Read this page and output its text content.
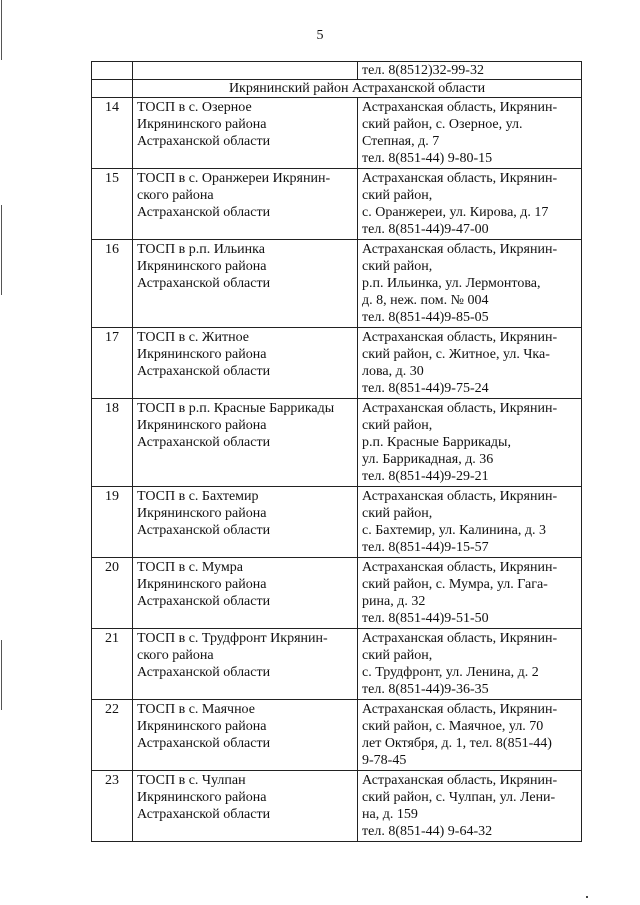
5
		тел. 8(8512)32-99-32
	Икрянинский район Астраханской области	
14	ТОСП в с. Озерное
Икрянинского района
Астраханской области	Астраханская область, Икрянин-
ский район, с. Озерное, ул.
Степная, д. 7
тел. 8(851-44) 9-80-15
15	ТОСП в с. Оранжереи Икрянин-
ского района
Астраханской области	Астраханская область, Икрянин-
ский район,
с. Оранжереи, ул. Кирова, д. 17
тел. 8(851-44)9-47-00
16	ТОСП в р.п. Ильинка
Икрянинского района
Астраханской области	Астраханская область, Икрянин-
ский район,
р.п. Ильинка, ул. Лермонтова,
д. 8, неж. пом. № 004
тел. 8(851-44)9-85-05
17	ТОСП в с. Житное
Икрянинского района
Астраханской области	Астраханская область, Икрянин-
ский район, с. Житное, ул. Чка-
лова, д. 30
тел. 8(851-44)9-75-24
18	ТОСП в р.п. Красные Баррикады
Икрянинского района
Астраханской области	Астраханская область, Икрянин-
ский район,
р.п. Красные Баррикады,
ул. Баррикадная, д. 36
тел. 8(851-44)9-29-21
19	ТОСП в с. Бахтемир
Икрянинского района
Астраханской области	Астраханская область, Икрянин-
ский район,
с. Бахтемир, ул. Калинина, д. 3
тел. 8(851-44)9-15-57
20	ТОСП в с. Мумра
Икрянинского района
Астраханской области	Астраханская область, Икрянин-
ский район, с. Мумра, ул. Гага-
рина, д. 32
тел. 8(851-44)9-51-50
21	ТОСП в с. Трудфронт Икрянин-
ского района
Астраханской области	Астраханская область, Икрянин-
ский район,
с. Трудфронт, ул. Ленина, д. 2
тел. 8(851-44)9-36-35
22	ТОСП в с. Маячное
Икрянинского района
Астраханской области	Астраханская область, Икрянин-
ский район, с. Маячное, ул. 70
лет Октября, д. 1, тел. 8(851-44)
9-78-45
23	ТОСП в с. Чулпан
Икрянинского района
Астраханской области	Астраханская область, Икрянин-
ский район, с. Чулпан, ул. Лени-
на, д. 159
тел. 8(851-44) 9-64-32
